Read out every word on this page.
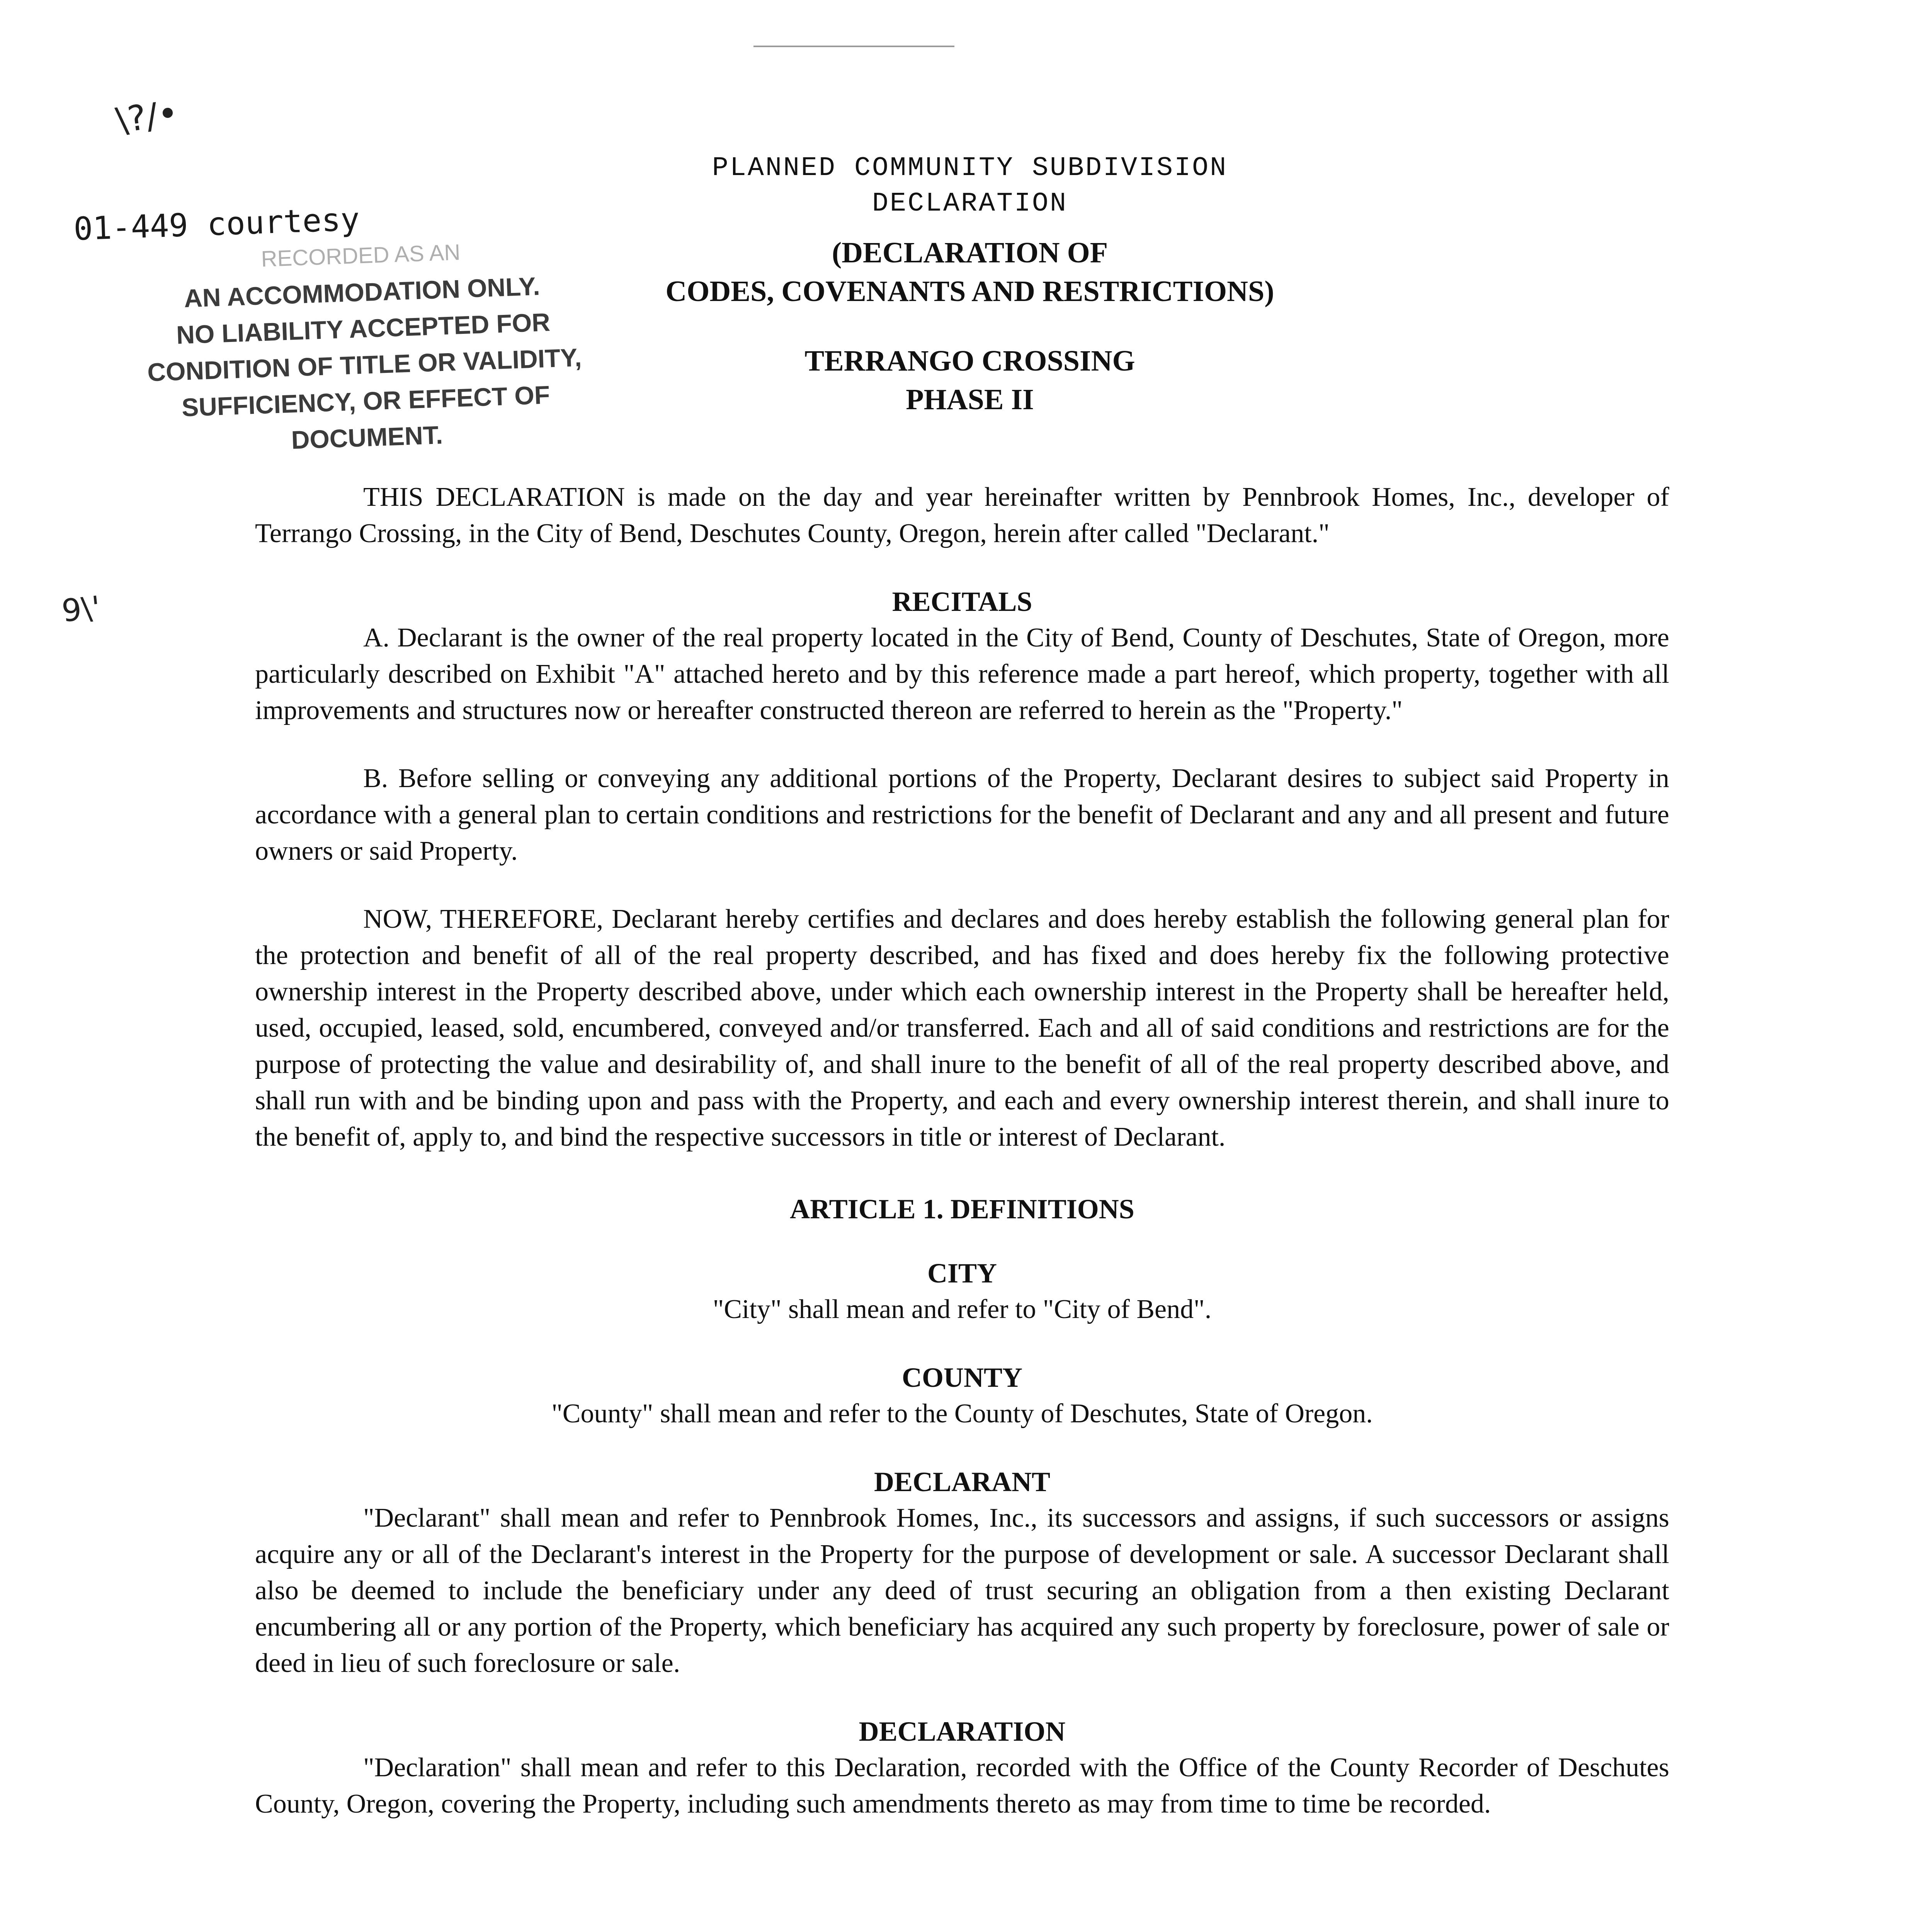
\?/•
9\'
01-449 courtesy
RECORDED AS AN
AN ACCOMMODATION ONLY.
NO LIABILITY ACCEPTED FOR
CONDITION OF TITLE OR VALIDITY,
SUFFICIENCY, OR EFFECT OF
DOCUMENT.
PLANNED COMMUNITY SUBDIVISION
DECLARATION
(DECLARATION OF
CODES, COVENANTS AND RESTRICTIONS)
TERRANGO CROSSING
PHASE II

THIS DECLARATION is made on the day and year hereinafter written by Pennbrook Homes, Inc., developer of Terrango Crossing, in the City of Bend, Deschutes County, Oregon, herein after called "Declarant."

RECITALS

A. Declarant is the owner of the real property located in the City of Bend, County of Deschutes, State of Oregon, more particularly described on Exhibit "A" attached hereto and by this reference made a part hereof, which property, together with all improvements and structures now or hereafter constructed thereon are referred to herein as the "Property."

B. Before selling or conveying any additional portions of the Property, Declarant desires to subject said Property in accordance with a general plan to certain conditions and restrictions for the benefit of Declarant and any and all present and future owners or said Property.

NOW, THEREFORE, Declarant hereby certifies and declares and does hereby establish the following general plan for the protection and benefit of all of the real property described, and has fixed and does hereby fix the following protective ownership interest in the Property described above, under which each ownership interest in the Property shall be hereafter held, used, occupied, leased, sold, encumbered, conveyed and/or transferred. Each and all of said conditions and restrictions are for the purpose of protecting the value and desirability of, and shall inure to the benefit of all of the real property described above, and shall run with and be binding upon and pass with the Property, and each and every ownership interest therein, and shall inure to the benefit of, apply to, and bind the respective successors in title or interest of Declarant.

ARTICLE 1. DEFINITIONS
CITY

"City" shall mean and refer to "City of Bend".

COUNTY

"County" shall mean and refer to the County of Deschutes, State of Oregon.

DECLARANT

"Declarant" shall mean and refer to Pennbrook Homes, Inc., its successors and assigns, if such successors or assigns acquire any or all of the Declarant's interest in the Property for the purpose of development or sale. A successor Declarant shall also be deemed to include the beneficiary under any deed of trust securing an obligation from a then existing Declarant encumbering all or any portion of the Property, which beneficiary has acquired any such property by foreclosure, power of sale or deed in lieu of such foreclosure or sale.

DECLARATION

"Declaration" shall mean and refer to this Declaration, recorded with the Office of the County Recorder of Deschutes County, Oregon, covering the Property, including such amendments thereto as may from time to time be recorded.
